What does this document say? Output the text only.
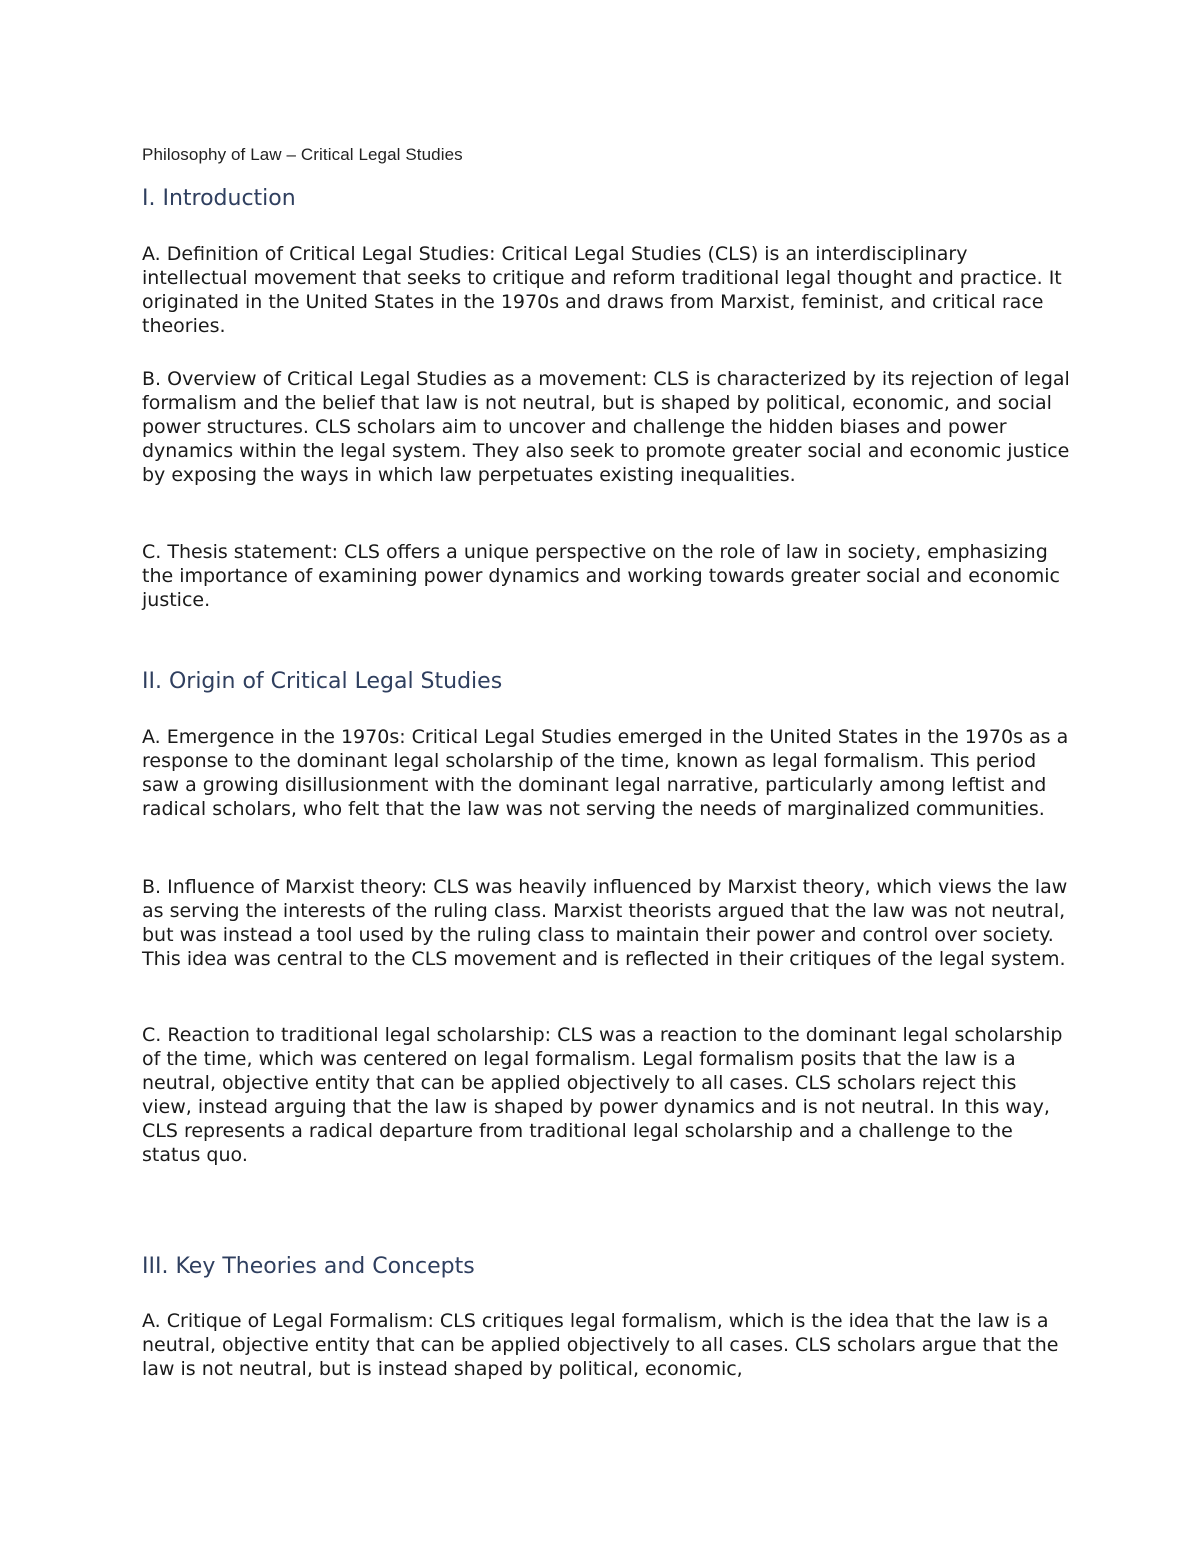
Philosophy of Law – Critical Legal Studies
I. Introduction

A. Definition of Critical Legal Studies: Critical Legal Studies (CLS) is an interdisciplinary intellectual movement that seeks to critique and reform traditional legal thought and practice. It originated in the United States in the 1970s and draws from Marxist, feminist, and critical race theories.

B. Overview of Critical Legal Studies as a movement: CLS is characterized by its rejection of legal formalism and the belief that law is not neutral, but is shaped by political, economic, and social power structures. CLS scholars aim to uncover and challenge the hidden biases and power dynamics within the legal system. They also seek to promote greater social and economic justice by exposing the ways in which law perpetuates existing inequalities.

C. Thesis statement: CLS offers a unique perspective on the role of law in society, emphasizing the importance of examining power dynamics and working towards greater social and economic justice.

II. Origin of Critical Legal Studies

A. Emergence in the 1970s: Critical Legal Studies emerged in the United States in the 1970s as a response to the dominant legal scholarship of the time, known as legal formalism. This period saw a growing disillusionment with the dominant legal narrative, particularly among leftist and radical scholars, who felt that the law was not serving the needs of marginalized communities.

B. Influence of Marxist theory: CLS was heavily influenced by Marxist theory, which views the law as serving the interests of the ruling class. Marxist theorists argued that the law was not neutral, but was instead a tool used by the ruling class to maintain their power and control over society. This idea was central to the CLS movement and is reflected in their critiques of the legal system.

C. Reaction to traditional legal scholarship: CLS was a reaction to the dominant legal scholarship of the time, which was centered on legal formalism. Legal formalism posits that the law is a neutral, objective entity that can be applied objectively to all cases. CLS scholars reject this view, instead arguing that the law is shaped by power dynamics and is not neutral. In this way, CLS represents a radical departure from traditional legal scholarship and a challenge to the status quo.

III. Key Theories and Concepts

A. Critique of Legal Formalism: CLS critiques legal formalism, which is the idea that the law is a neutral, objective entity that can be applied objectively to all cases. CLS scholars argue that the law is not neutral, but is instead shaped by political, economic,
